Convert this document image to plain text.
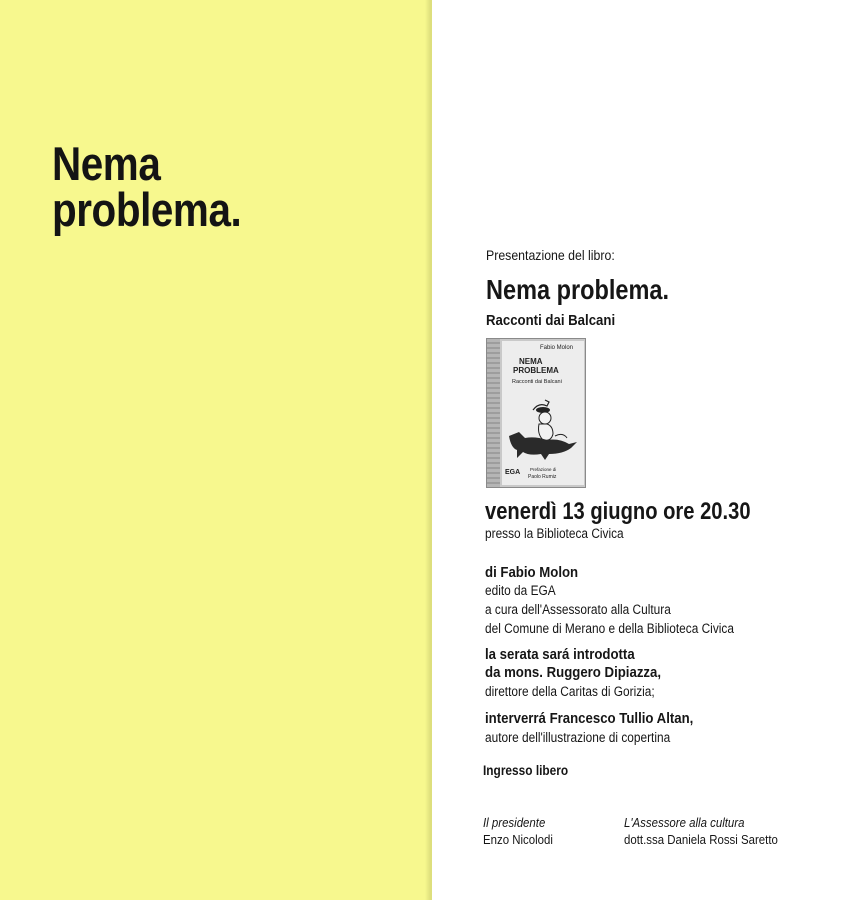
Nema
problema.
Presentazione del libro:
Nema problema.
Racconti dai Balcani
Fabio Molon
NEMA
PROBLEMA
Racconti dai Balcani
Prefazione di
Paolo Rumiz
EGA
venerdì 13 giugno ore 20.30
presso la Biblioteca Civica
di Fabio Molon
edito da EGA
a cura dell'Assessorato alla Cultura
del Comune di Merano e della Biblioteca Civica
la serata sará introdotta
da mons. Ruggero Dipiazza,
direttore della Caritas di Gorizia;
interverrá Francesco Tullio Altan,
autore dell'illustrazione di copertina
Ingresso libero
Il presidente
Enzo Nicolodi
L'Assessore alla cultura
dott.ssa Daniela Rossi Saretto
